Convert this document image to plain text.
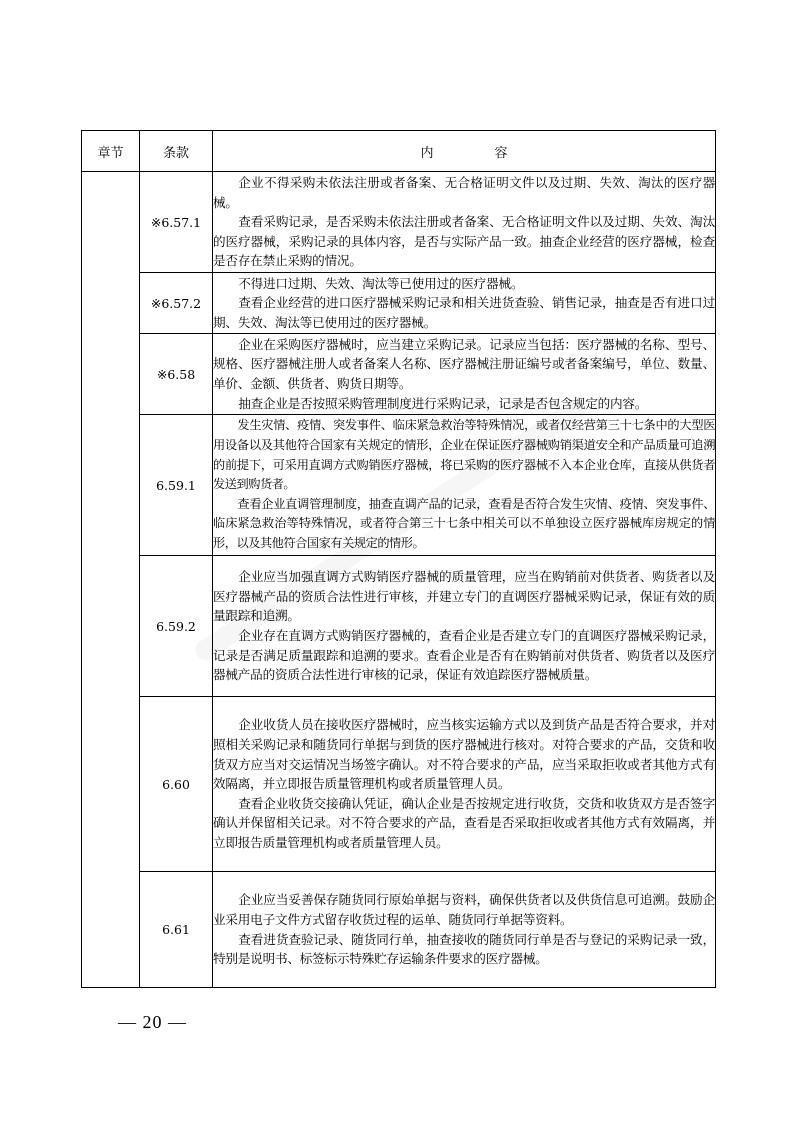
章节	条款	内　容
	※6.57.1	企业不得采购未依法注册或者备案、无合格证明文件以及过期、失效、淘汰的医疗器械。

查看采购记录，是否采购未依法注册或者备案、无合格证明文件以及过期、失效、淘汰的医疗器械，采购记录的具体内容，是否与实际产品一致。抽查企业经营的医疗器械，检查是否存在禁止采购的情况。

	※6.57.2	不得进口过期、失效、淘汰等已使用过的医疗器械。

查看企业经营的进口医疗器械采购记录和相关进货查验、销售记录，抽查是否有进口过期、失效、淘汰等已使用过的医疗器械。

	※6.58	企业在采购医疗器械时，应当建立采购记录。记录应当包括：医疗器械的名称、型号、规格、医疗器械注册人或者备案人名称、医疗器械注册证编号或者备案编号，单位、数量、单价、金额、供货者、购货日期等。

抽查企业是否按照采购管理制度进行采购记录，记录是否包含规定的内容。

	6.59.1	发生灾情、疫情、突发事件、临床紧急救治等特殊情况，或者仅经营第三十七条中的大型医用设备以及其他符合国家有关规定的情形，企业在保证医疗器械购销渠道安全和产品质量可追溯的前提下，可采用直调方式购销医疗器械，将已采购的医疗器械不入本企业仓库，直接从供货者发送到购货者。

查看企业直调管理制度，抽查直调产品的记录，查看是否符合发生灾情、疫情、突发事件、临床紧急救治等特殊情况，或者符合第三十七条中相关可以不单独设立医疗器械库房规定的情形，以及其他符合国家有关规定的情形。

	6.59.2	企业应当加强直调方式购销医疗器械的质量管理，应当在购销前对供货者、购货者以及医疗器械产品的资质合法性进行审核，并建立专门的直调医疗器械采购记录，保证有效的质量跟踪和追溯。

企业存在直调方式购销医疗器械的，查看企业是否建立专门的直调医疗器械采购记录，记录是否满足质量跟踪和追溯的要求。查看企业是否有在购销前对供货者、购货者以及医疗器械产品的资质合法性进行审核的记录，保证有效追踪医疗器械质量。

	6.60	企业收货人员在接收医疗器械时，应当核实运输方式以及到货产品是否符合要求，并对照相关采购记录和随货同行单据与到货的医疗器械进行核对。对符合要求的产品，交货和收货双方应当对交运情况当场签字确认。对不符合要求的产品，应当采取拒收或者其他方式有效隔离，并立即报告质量管理机构或者质量管理人员。

查看企业收货交接确认凭证，确认企业是否按规定进行收货，交货和收货双方是否签字确认并保留相关记录。对不符合要求的产品，查看是否采取拒收或者其他方式有效隔离，并立即报告质量管理机构或者质量管理人员。

	6.61	企业应当妥善保存随货同行原始单据与资料，确保供货者以及供货信息可追溯。鼓励企业采用电子文件方式留存收货过程的运单、随货同行单据等资料。

查看进货查验记录、随货同行单，抽查接收的随货同行单是否与登记的采购记录一致，特别是说明书、标签标示特殊贮存运输条件要求的医疗器械。

— 20 —
